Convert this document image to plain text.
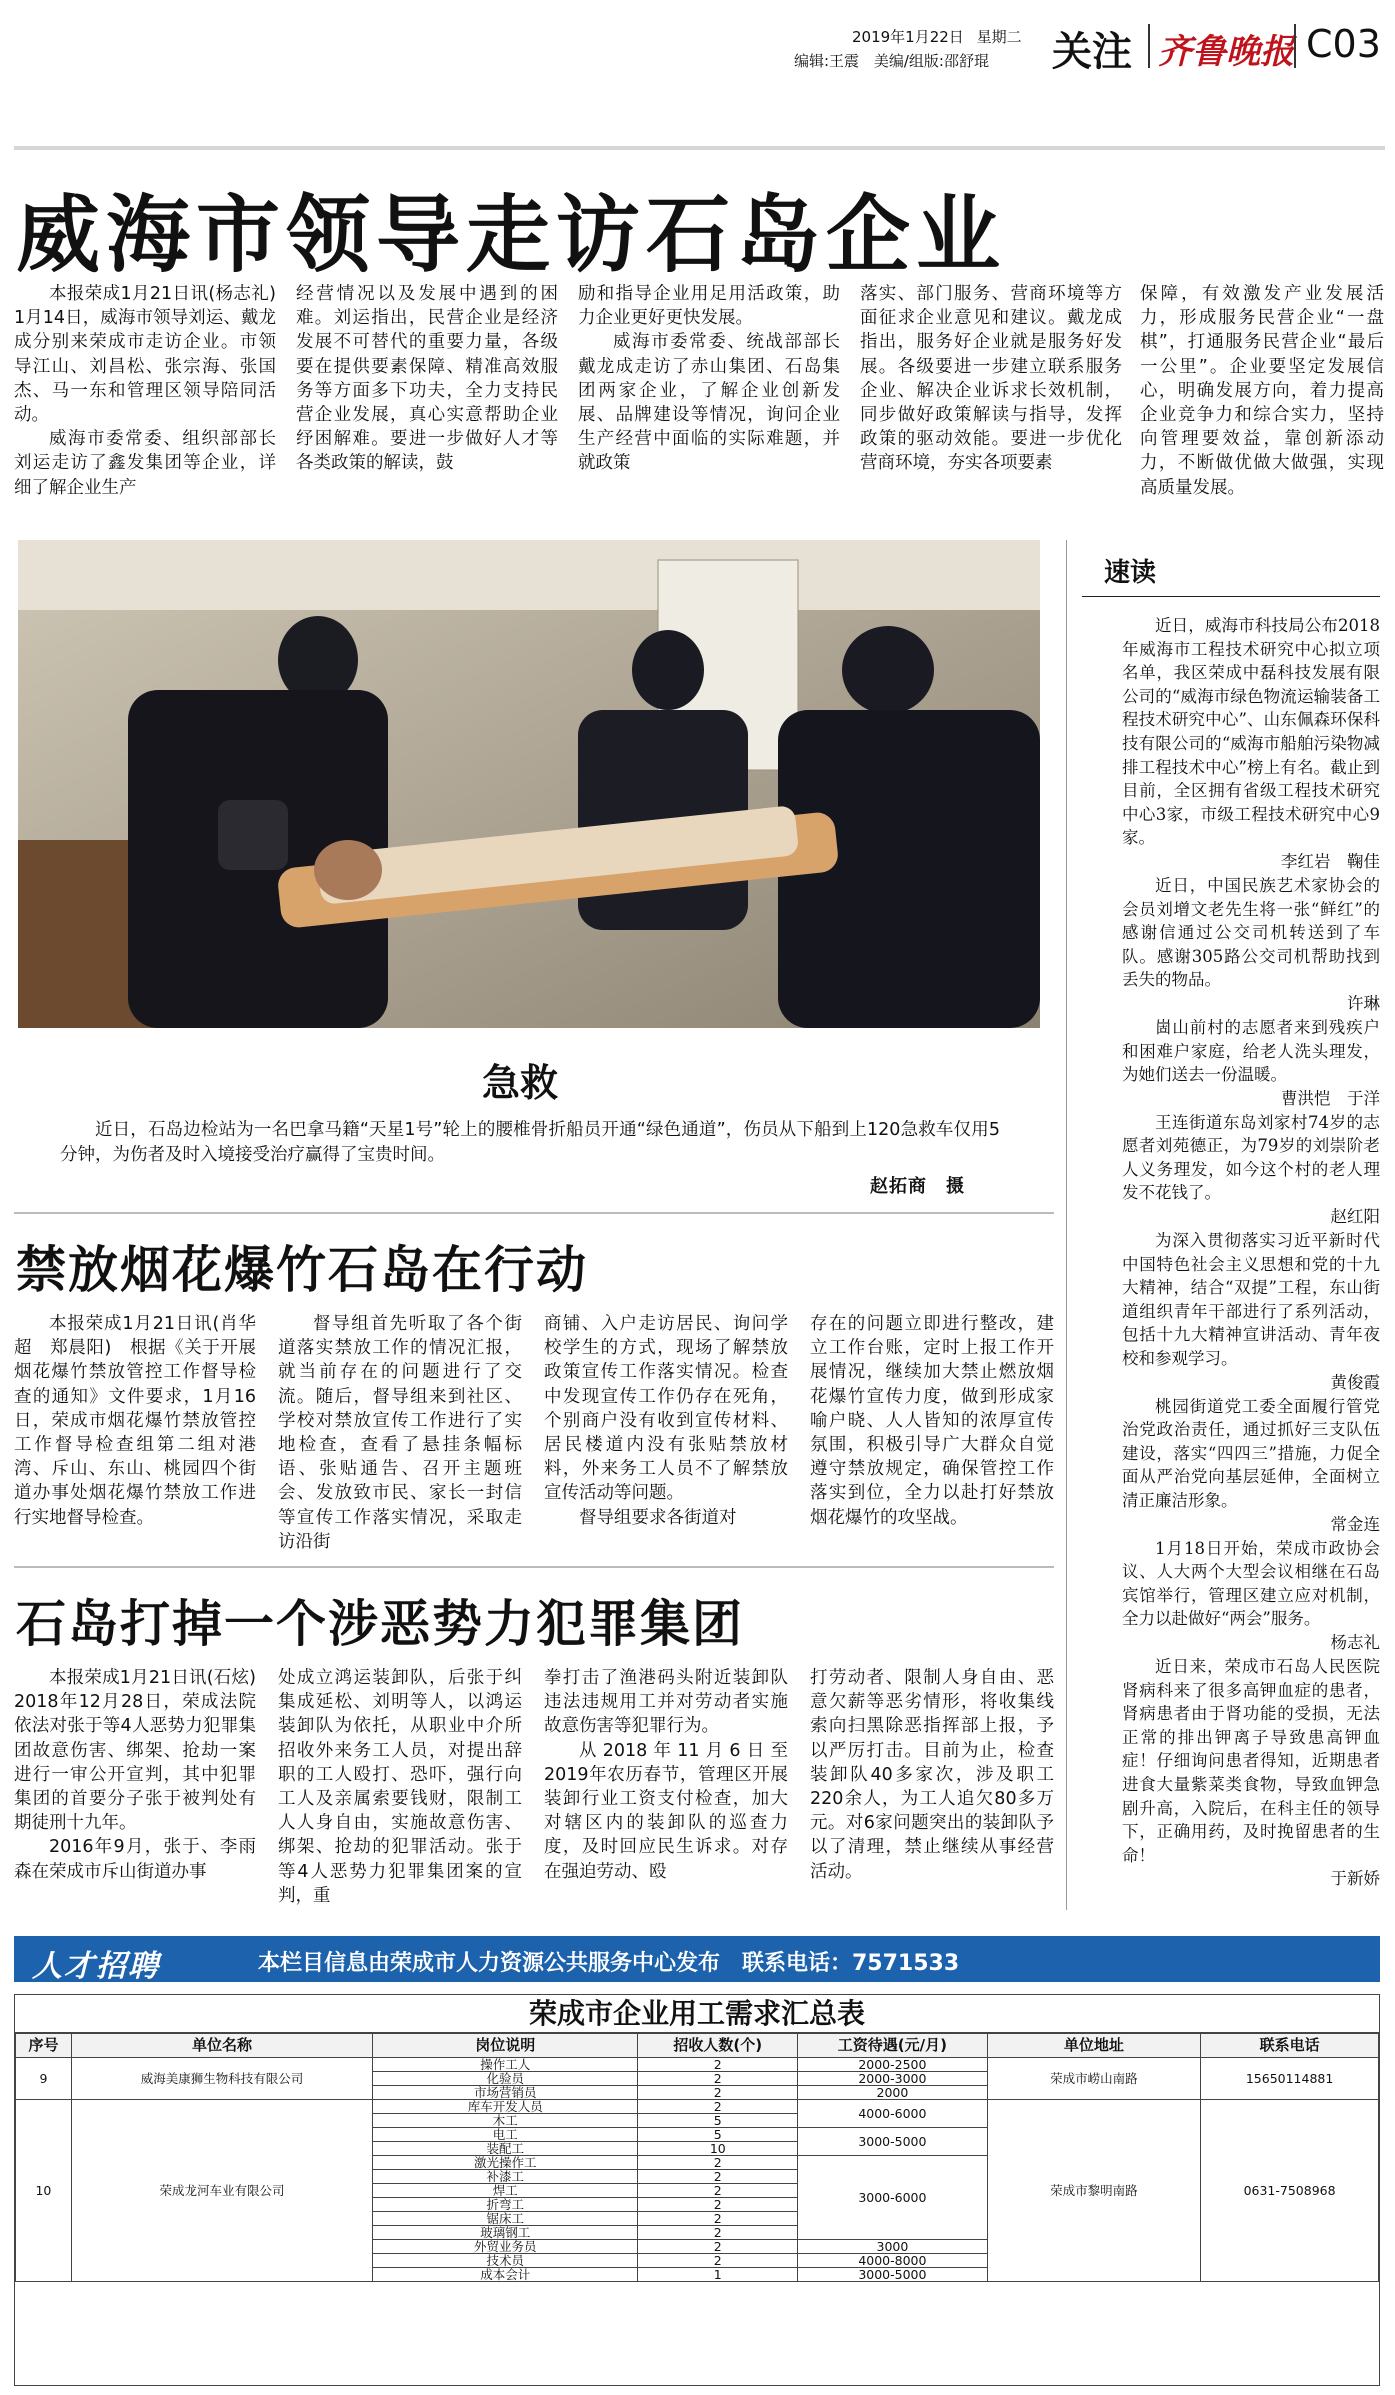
2019年1月22日 星期二
编辑:王震 美编/组版:邵舒琨 关注 齐鲁晚报 C03
威海市领导走访石岛企业

本报荣成1月21日讯(杨志礼) 1月14日，威海市领导刘运、戴龙成分别来荣成市走访企业。市领导江山、刘昌松、张宗海、张国杰、马一东和管理区领导陪同活动。

威海市委常委、组织部部长刘运走访了鑫发集团等企业，详细了解企业生产

经营情况以及发展中遇到的困难。刘运指出，民营企业是经济发展不可替代的重要力量，各级要在提供要素保障、精准高效服务等方面多下功夫，全力支持民营企业发展，真心实意帮助企业纾困解难。要进一步做好人才等各类政策的解读，鼓

励和指导企业用足用活政策，助力企业更好更快发展。

威海市委常委、统战部部长戴龙成走访了赤山集团、石岛集团两家企业，了解企业创新发展、品牌建设等情况，询问企业生产经营中面临的实际难题，并就政策

落实、部门服务、营商环境等方面征求企业意见和建议。戴龙成指出，服务好企业就是服务好发展。各级要进一步建立联系服务企业、解决企业诉求长效机制，同步做好政策解读与指导，发挥政策的驱动效能。要进一步优化营商环境，夯实各项要素

保障，有效激发产业发展活力，形成服务民营企业“一盘棋”，打通服务民营企业“最后一公里”。企业要坚定发展信心，明确发展方向，着力提高企业竞争力和综合实力，坚持向管理要效益，靠创新添动力，不断做优做大做强，实现高质量发展。

急救

近日，石岛边检站为一名巴拿马籍“天星1号”轮上的腰椎骨折船员开通“绿色通道”，伤员从下船到上120急救车仅用5分钟，为伤者及时入境接受治疗赢得了宝贵时间。

赵拓商　摄
速读

近日，威海市科技局公布2018年威海市工程技术研究中心拟立项名单，我区荣成中磊科技发展有限公司的“威海市绿色物流运输装备工程技术研究中心”、山东佩森环保科技有限公司的“威海市船舶污染物减排工程技术中心”榜上有名。截止到目前，全区拥有省级工程技术研究中心3家，市级工程技术研究中心9家。

李红岩　鞠佳

近日，中国民族艺术家协会的会员刘增文老先生将一张“鲜红”的感谢信通过公交司机转送到了车队。感谢305路公交司机帮助找到丢失的物品。

许琳

崮山前村的志愿者来到残疾户和困难户家庭，给老人洗头理发，为她们送去一份温暖。

曹洪恺　于洋

王连街道东岛刘家村74岁的志愿者刘苑德正，为79岁的刘崇阶老人义务理发，如今这个村的老人理发不花钱了。

赵红阳

为深入贯彻落实习近平新时代中国特色社会主义思想和党的十九大精神，结合“双提”工程，东山街道组织青年干部进行了系列活动，包括十九大精神宣讲活动、青年夜校和参观学习。

黄俊霞

桃园街道党工委全面履行管党治党政治责任，通过抓好三支队伍建设，落实“四四三”措施，力促全面从严治党向基层延伸，全面树立清正廉洁形象。

常金连

1月18日开始，荣成市政协会议、人大两个大型会议相继在石岛宾馆举行，管理区建立应对机制，全力以赴做好“两会”服务。

杨志礼

近日来，荣成市石岛人民医院肾病科来了很多高钾血症的患者，肾病患者由于肾功能的受损，无法正常的排出钾离子导致患高钾血症！仔细询问患者得知，近期患者进食大量紫菜类食物，导致血钾急剧升高，入院后，在科主任的领导下，正确用药，及时挽留患者的生命！

于新娇
禁放烟花爆竹石岛在行动

本报荣成1月21日讯(肖华超　郑晨阳)　根据《关于开展烟花爆竹禁放管控工作督导检查的通知》文件要求，1月16日，荣成市烟花爆竹禁放管控工作督导检查组第二组对港湾、斥山、东山、桃园四个街道办事处烟花爆竹禁放工作进行实地督导检查。

督导组首先听取了各个街道落实禁放工作的情况汇报，就当前存在的问题进行了交流。随后，督导组来到社区、学校对禁放宣传工作进行了实地检查，查看了悬挂条幅标语、张贴通告、召开主题班会、发放致市民、家长一封信等宣传工作落实情况，采取走访沿街

商铺、入户走访居民、询问学校学生的方式，现场了解禁放政策宣传工作落实情况。检查中发现宣传工作仍存在死角，个别商户没有收到宣传材料、居民楼道内没有张贴禁放材料，外来务工人员不了解禁放宣传活动等问题。

督导组要求各街道对

存在的问题立即进行整改，建立工作台账，定时上报工作开展情况，继续加大禁止燃放烟花爆竹宣传力度，做到形成家喻户晓、人人皆知的浓厚宣传氛围，积极引导广大群众自觉遵守禁放规定，确保管控工作落实到位，全力以赴打好禁放烟花爆竹的攻坚战。

石岛打掉一个涉恶势力犯罪集团

本报荣成1月21日讯(石炫)　2018年12月28日，荣成法院依法对张于等4人恶势力犯罪集团故意伤害、绑架、抢劫一案进行一审公开宣判，其中犯罪集团的首要分子张于被判处有期徒刑十九年。

2016年9月，张于、李雨森在荣成市斥山街道办事

处成立鸿运装卸队，后张于纠集成延松、刘明等人，以鸿运装卸队为依托，从职业中介所招收外来务工人员，对提出辞职的工人殴打、恐吓，强行向工人及亲属索要钱财，限制工人人身自由，实施故意伤害、绑架、抢劫的犯罪活动。张于等4人恶势力犯罪集团案的宣判，重

拳打击了渔港码头附近装卸队违法违规用工并对劳动者实施故意伤害等犯罪行为。

从2018年11月6日至2019年农历春节，管理区开展装卸行业工资支付检查，加大对辖区内的装卸队的巡查力度，及时回应民生诉求。对存在强迫劳动、殴

打劳动者、限制人身自由、恶意欠薪等恶劣情形，将收集线索向扫黑除恶指挥部上报，予以严厉打击。目前为止，检查装卸队40多家次，涉及职工220余人，为工人追欠80多万元。对6家问题突出的装卸队予以了清理，禁止继续从事经营活动。

人才招聘	本栏目信息由荣成市人力资源公共服务中心发布　联系电话：7571533
荣成市企业用工需求汇总表
序号	单位名称	岗位说明	招收人数(个)	工资待遇(元/月)	单位地址	联系电话
9	威海美康狮生物科技有限公司	操作工人	2	2000-2500	荣成市崂山南路	15650114881
		化验员	2	2000-3000		
		市场营销员	2	2000		
10	荣成龙河车业有限公司	库车开发人员	2	4000-6000	荣成市黎明南路	0631-7508968
		木工	5			
		电工	5	3000-5000		
		装配工	10			
		激光操作工	2	3000-6000		
		补漆工	2			
		焊工	2			
		折弯工	2			
		锯床工	2			
		玻璃钢工	2			
		外贸业务员	2	3000		
		技术员	2	4000-8000		
		成本会计	1	3000-5000		
